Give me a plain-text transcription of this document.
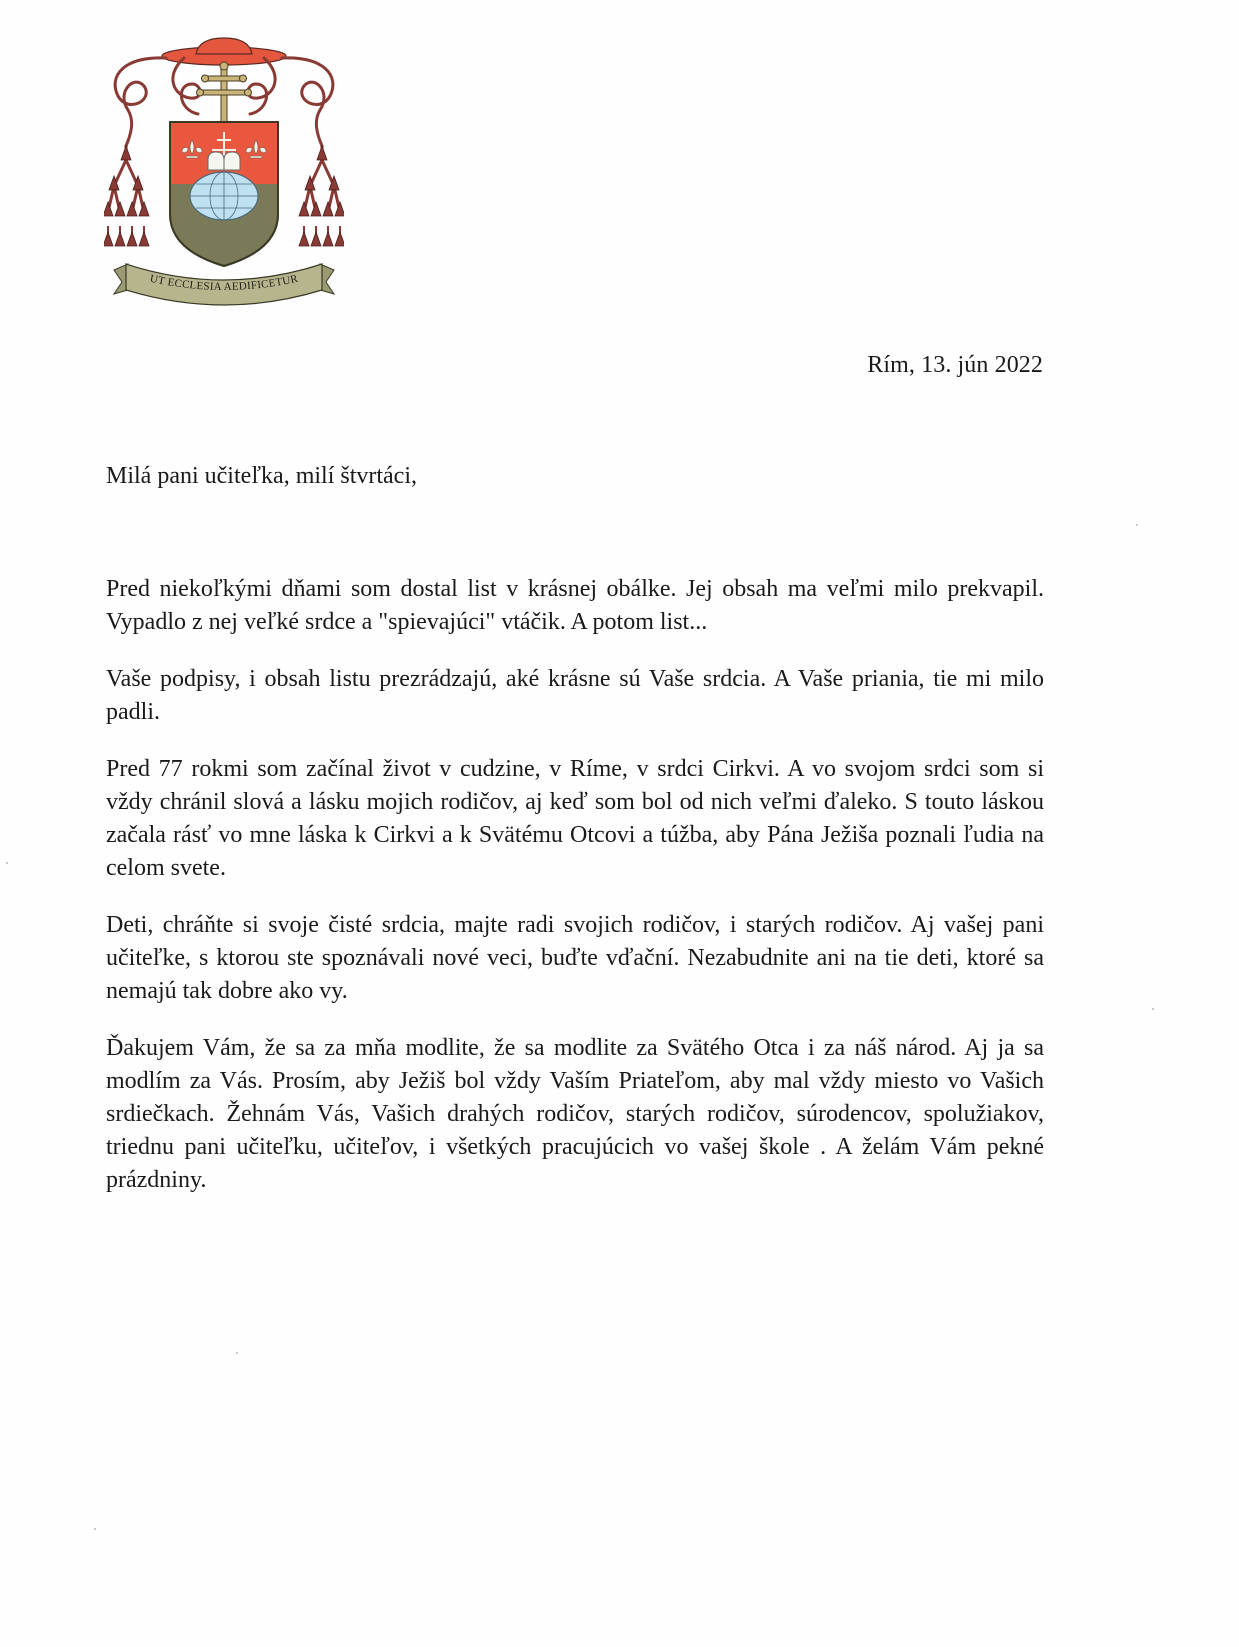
UT ECCLESIA AEDIFICETUR
Rím, 13. jún 2022
Milá pani učiteľka, milí štvrtáci,

Pred niekoľkými dňami som dostal list v krásnej obálke. Jej obsah ma veľmi milo prekvapil. Vypadlo z nej veľké srdce a "spievajúci" vtáčik. A potom list...

Vaše podpisy, i obsah listu prezrádzajú, aké krásne sú Vaše srdcia. A Vaše priania, tie mi milo padli.

Pred 77 rokmi som začínal život v cudzine, v Ríme, v srdci Cirkvi. A vo svojom srdci som si vždy chránil slová a lásku mojich rodičov, aj keď som bol od nich veľmi ďaleko. S touto láskou začala rásť vo mne láska k Cirkvi a k Svätému Otcovi a túžba, aby Pána Ježiša poznali ľudia na celom svete.

Deti, chráňte si svoje čisté srdcia, majte radi svojich rodičov, i starých rodičov. Aj vašej pani učiteľke, s ktorou ste spoznávali nové veci, buďte vďační. Nezabudnite ani na tie deti, ktoré sa nemajú tak dobre ako vy.

Ďakujem Vám, že sa za mňa modlite, že sa modlite za Svätého Otca i za náš národ. Aj ja sa modlím za Vás. Prosím, aby Ježiš bol vždy Vaším Priateľom, aby mal vždy miesto vo Vašich srdiečkach. Žehnám Vás, Vašich drahých rodičov, starých rodičov, súrodencov, spolužiakov, triednu pani učiteľku, učiteľov, i všetkých pracujúcich vo vašej škole . A želám Vám pekné prázdniny.
